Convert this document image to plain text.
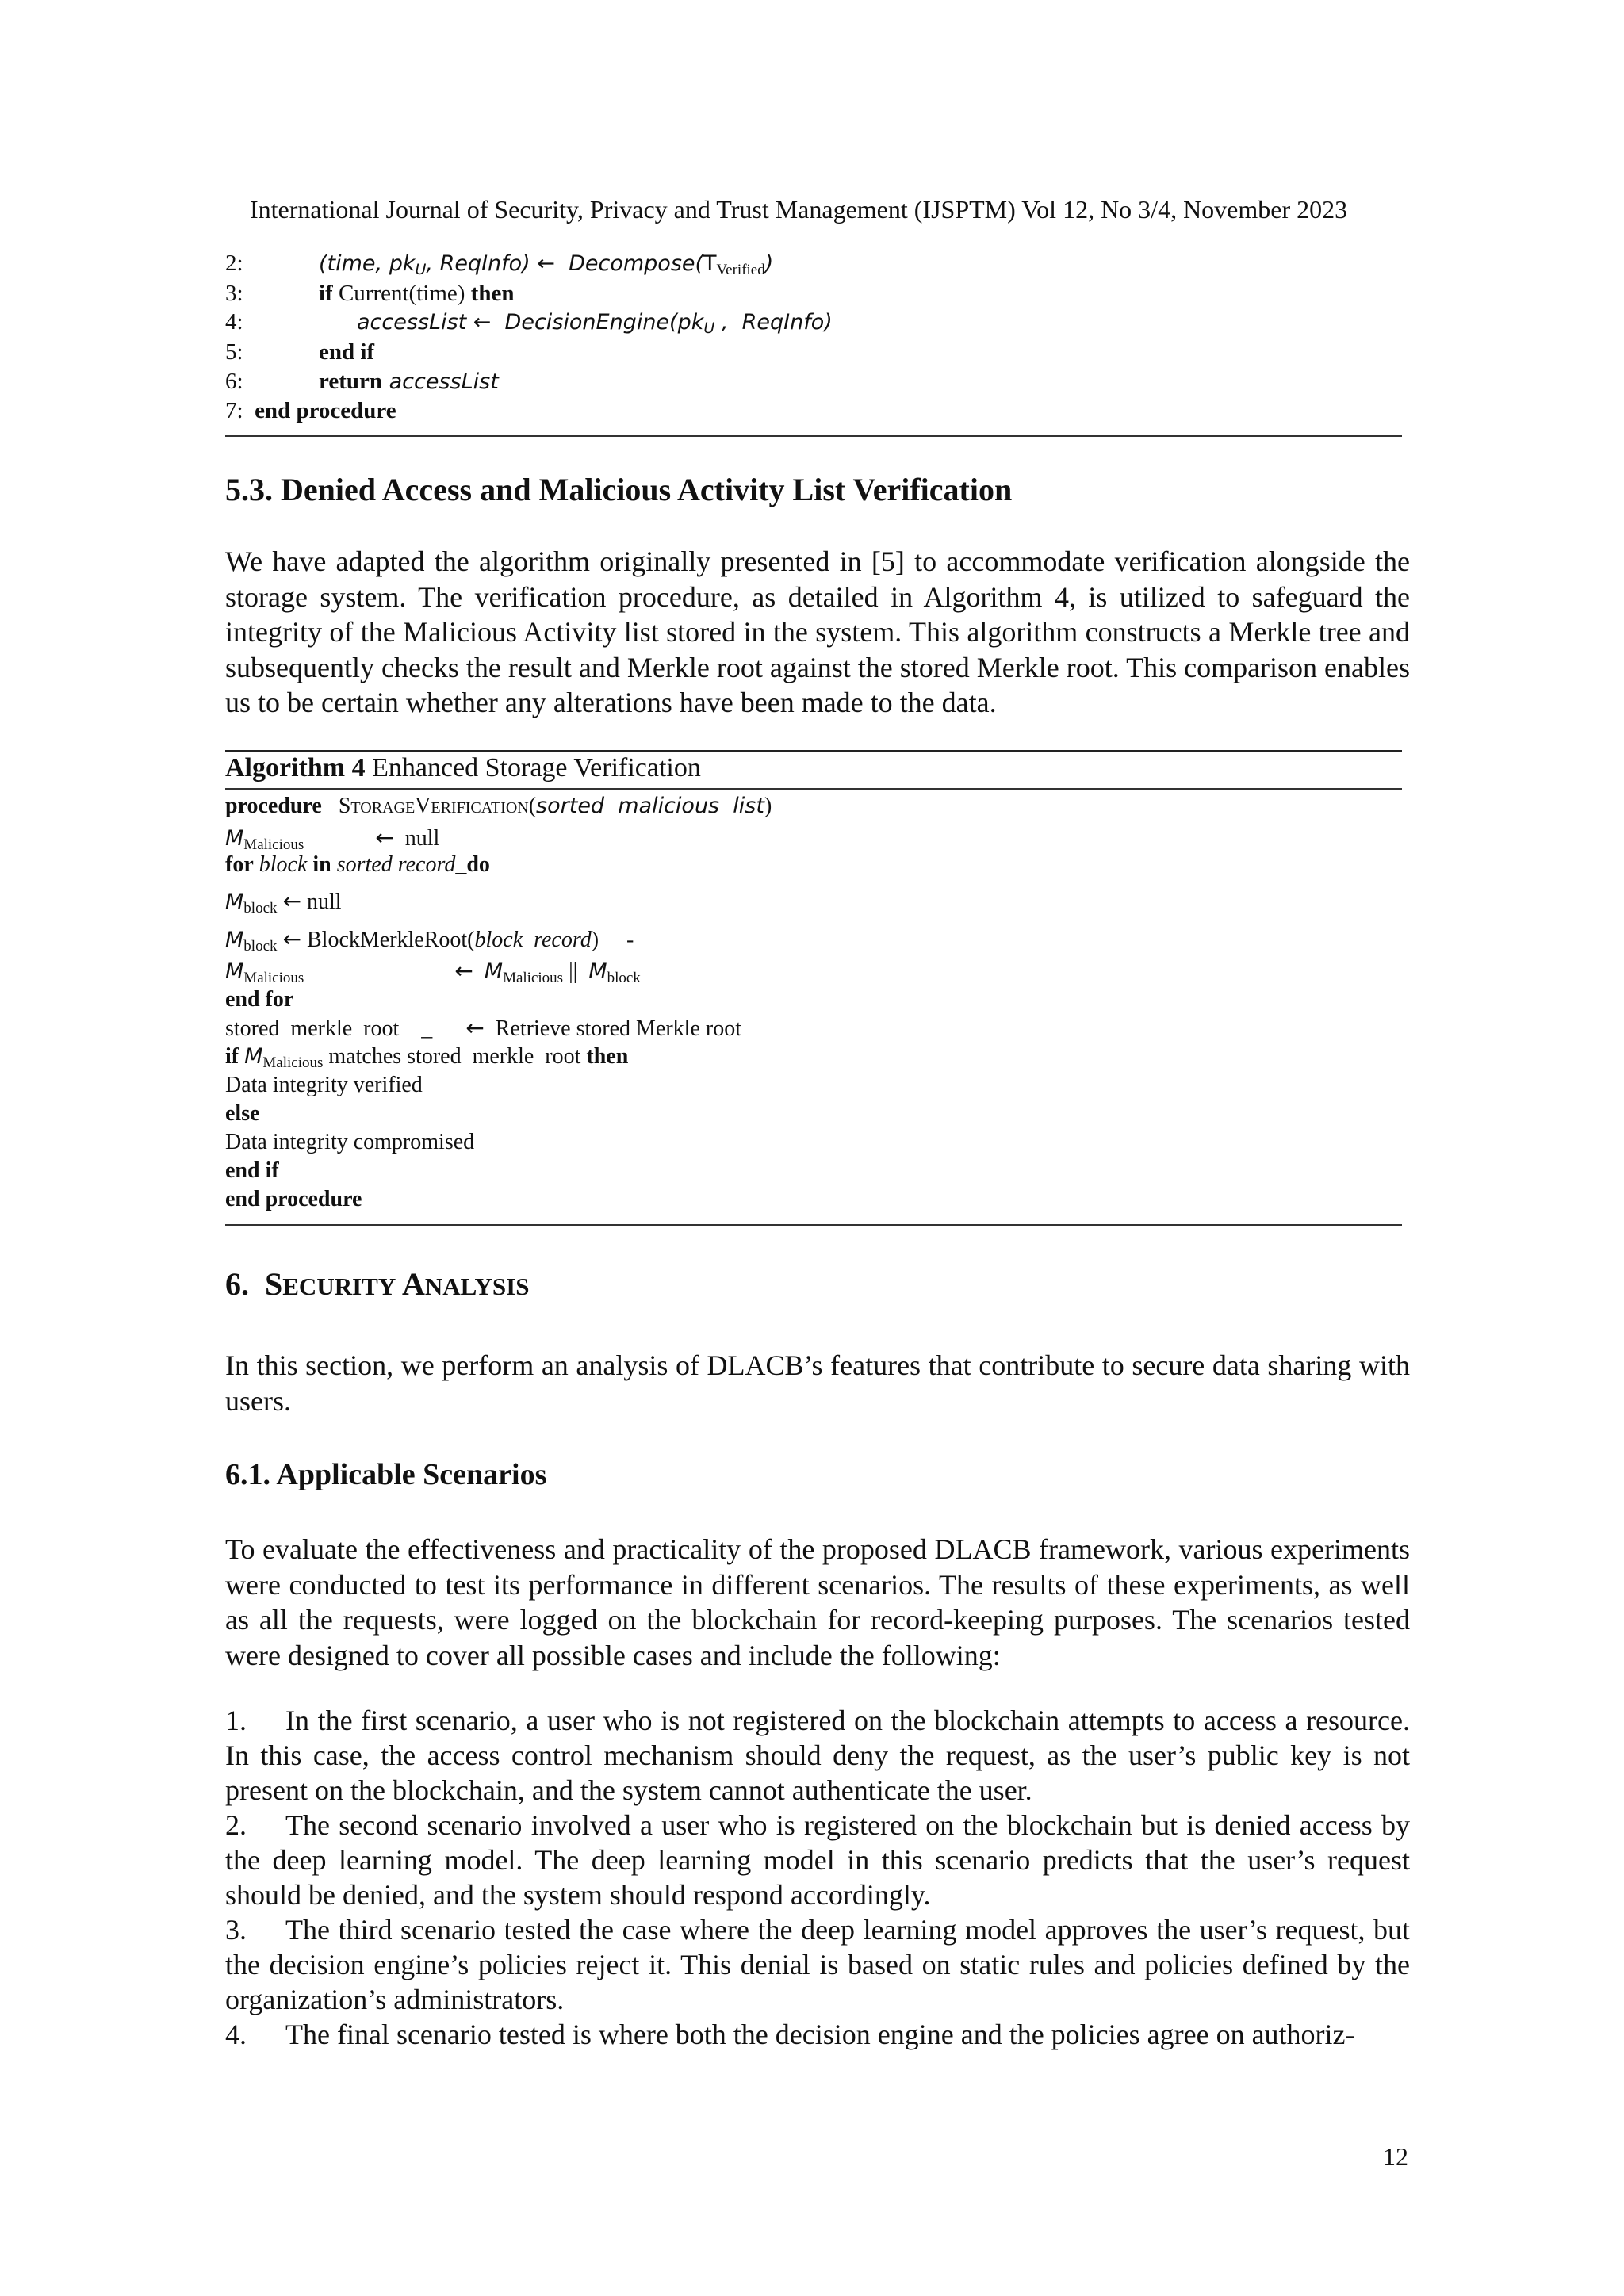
International Journal of Security, Privacy and Trust Management (IJSPTM) Vol 12, No 3/4, November 2023
2:	(time, $pk_U$, ReqInfo) ←  $Decompose(T_{Verified})$
3:	if Current(time) then
4:	accessList ←  $DecisionEngine(pk_U$ ,  ReqInfo)
5:	end if
6:	return accessList
7: end procedure
5.3. Denied Access and Malicious Activity List Verification
We have adapted the algorithm originally presented in [5] to accommodate verification alongside the storage system. The verification procedure, as detailed in Algorithm 4, is utilized to safeguard the integrity of the Malicious Activity list stored in the system. This algorithm constructs a Merkle tree and subsequently checks the result and Merkle root against the stored Merkle root. This comparison enables us to be certain whether any alterations have been made to the data.
Algorithm 4 Enhanced Storage Verification
procedure StorageVerification(sorted  malicious  list)
$M_{Malicious}$	←  null
for block in sorted record_do
$M_{block}$ ← null
$M_{block}$ ← BlockMerkleRoot(block  record)     -
$M_{Malicious}$	← $M_{Malicious}$ ||  $M_{block}$
end for
stored  merkle  root    _      ←  Retrieve stored Merkle root
if $M_{Malicious}$ matches stored  merkle  root then
Data integrity verified
else
Data integrity compromised
end if
end procedure
6.  SECURITY ANALYSIS
In this section, we perform an analysis of DLACB’s features that contribute to secure data sharing with users.
6.1. Applicable Scenarios
To evaluate the effectiveness and practicality of the proposed DLACB framework, various experiments were conducted to test its performance in different scenarios. The results of these experiments, as well as all the requests, were logged on the blockchain for record-keeping purposes. The scenarios tested were designed to cover all possible cases and include the following:
1. In the first scenario, a user who is not registered on the blockchain attempts to access a resource. In this case, the access control mechanism should deny the request, as the user’s public key is not present on the blockchain, and the system cannot authenticate the user.
2. The second scenario involved a user who is registered on the blockchain but is denied access by the deep learning model. The deep learning model in this scenario predicts that the user’s request should be denied, and the system should respond accordingly.
3. The third scenario tested the case where the deep learning model approves the user’s request, but the decision engine’s policies reject it. This denial is based on static rules and policies defined by the organization’s administrators.
4. The final scenario tested is where both the decision engine and the policies agree on authoriz-
12
